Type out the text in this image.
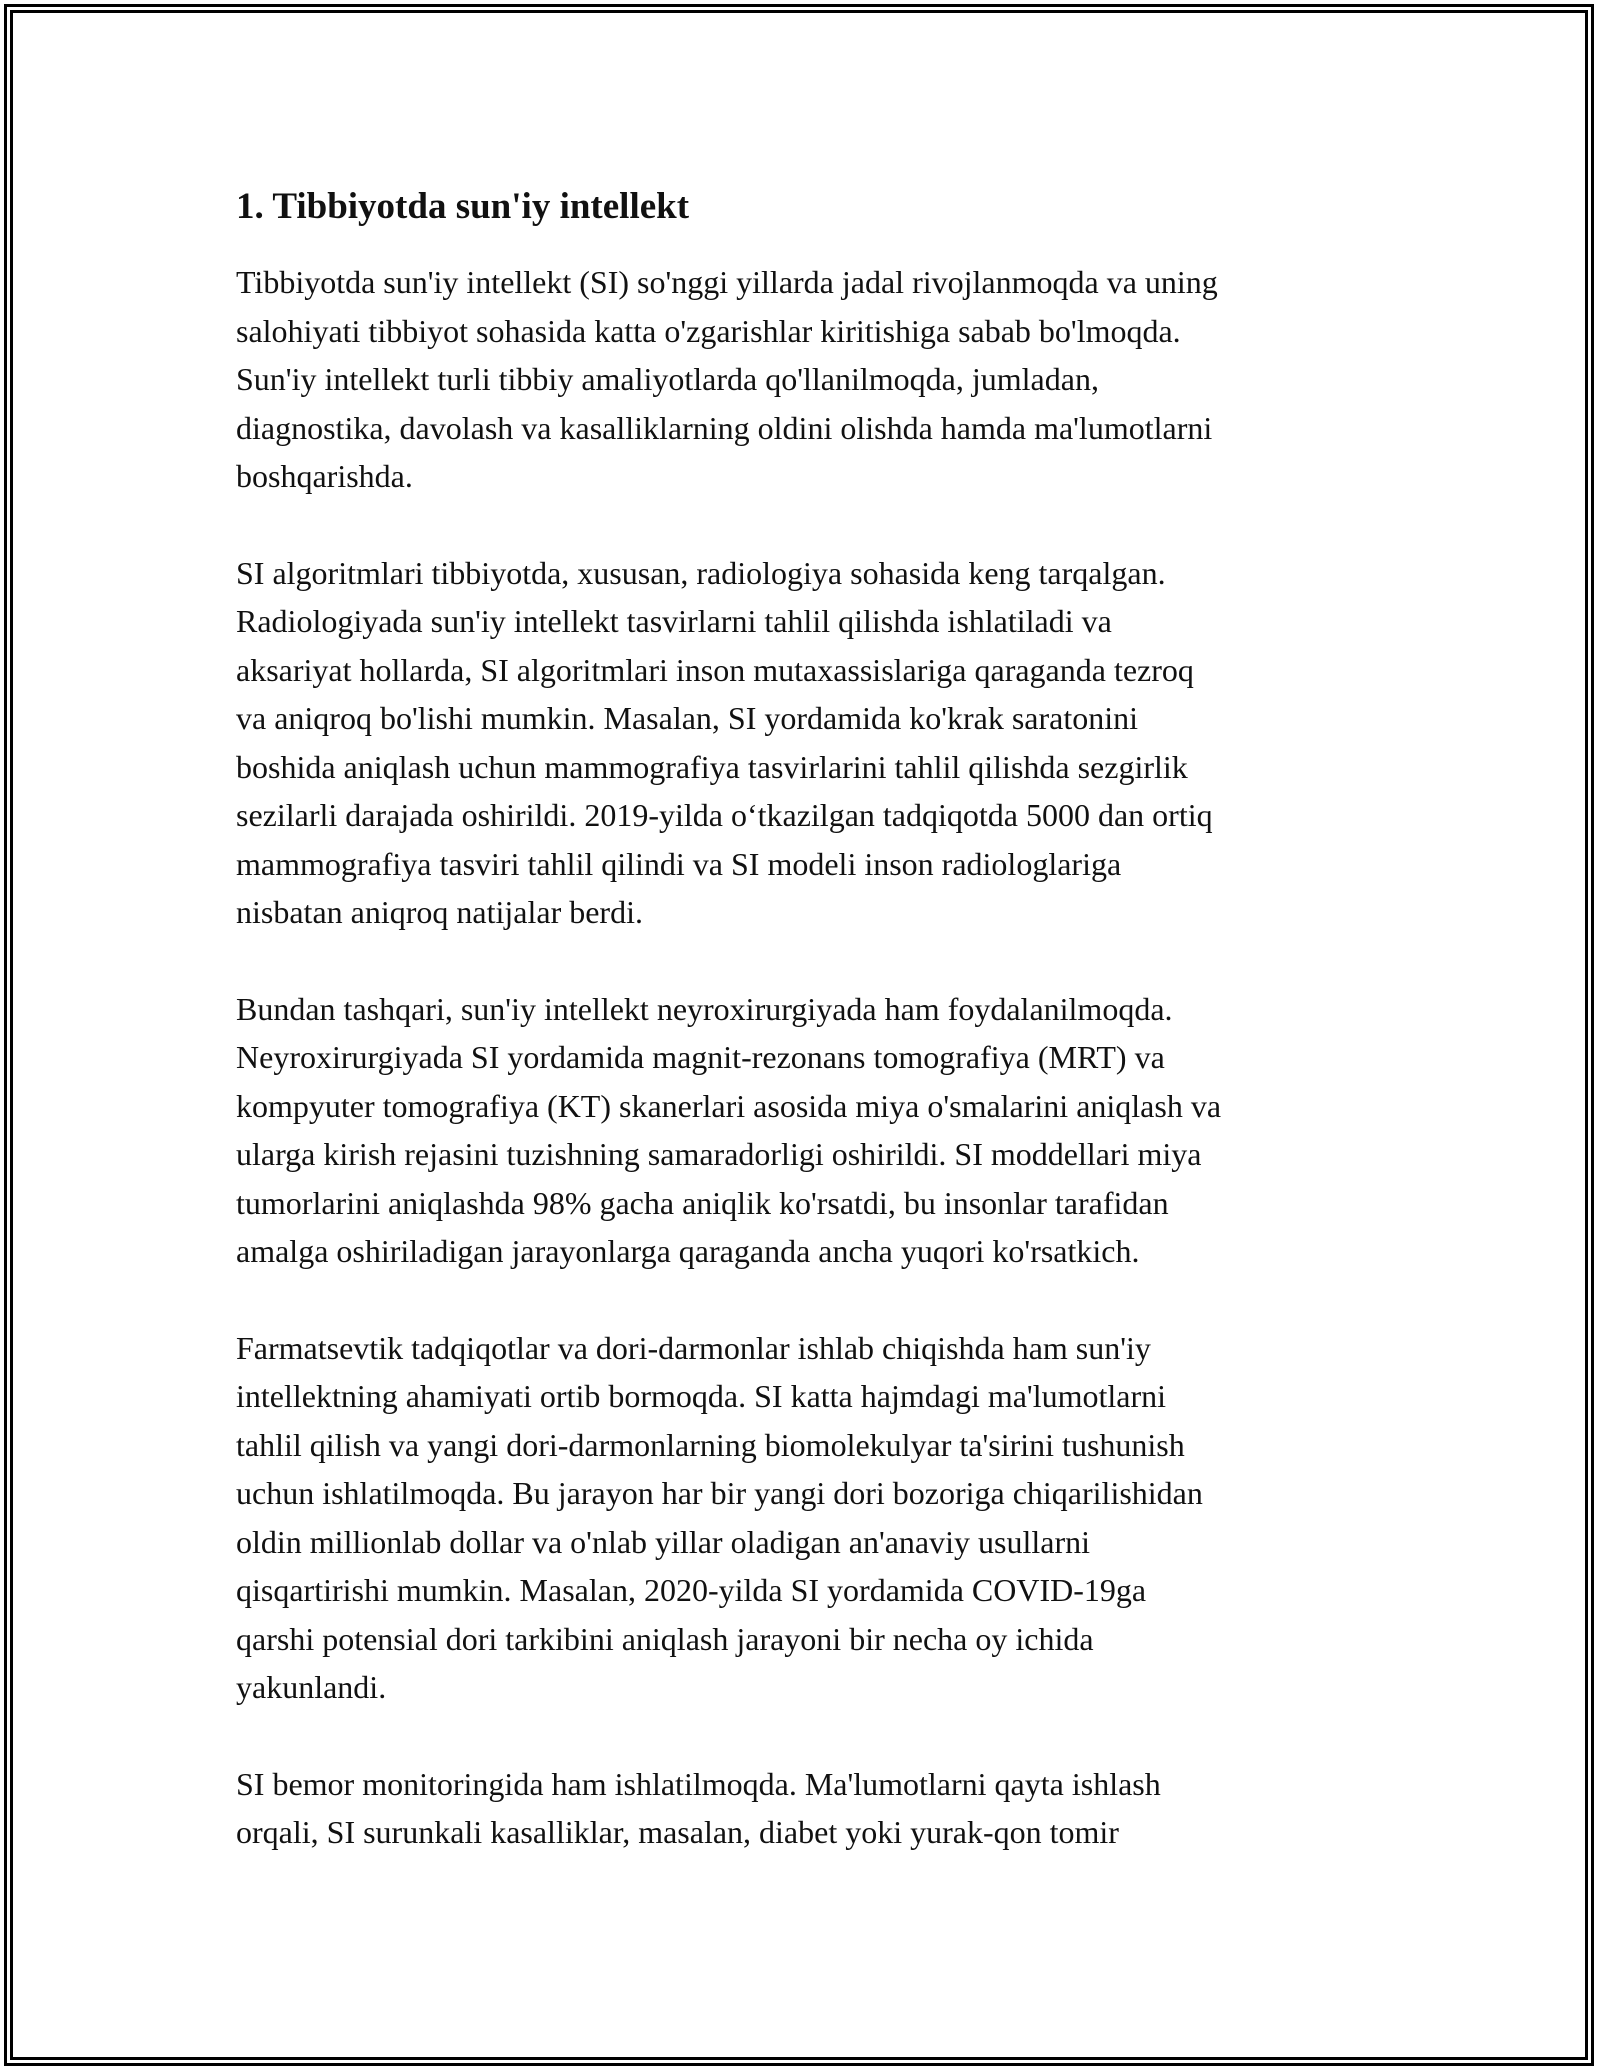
1. Tibbiyotda sun'iy intellekt
Tibbiyotda sun'iy intellekt (SI) so'nggi yillarda jadal rivojlanmoqda va uning
salohiyati tibbiyot sohasida katta o'zgarishlar kiritishiga sabab bo'lmoqda.
Sun'iy intellekt turli tibbiy amaliyotlarda qo'llanilmoqda, jumladan,
diagnostika, davolash va kasalliklarning oldini olishda hamda ma'lumotlarni
boshqarishda.
SI algoritmlari tibbiyotda, xususan, radiologiya sohasida keng tarqalgan.
Radiologiyada sun'iy intellekt tasvirlarni tahlil qilishda ishlatiladi va
aksariyat hollarda, SI algoritmlari inson mutaxassislariga qaraganda tezroq
va aniqroq bo'lishi mumkin. Masalan, SI yordamida ko'krak saratonini
boshida aniqlash uchun mammografiya tasvirlarini tahlil qilishda sezgirlik
sezilarli darajada oshirildi. 2019-yilda o‘tkazilgan tadqiqotda 5000 dan ortiq
mammografiya tasviri tahlil qilindi va SI modeli inson radiologlariga
nisbatan aniqroq natijalar berdi.
Bundan tashqari, sun'iy intellekt neyroxirurgiyada ham foydalanilmoqda.
Neyroxirurgiyada SI yordamida magnit-rezonans tomografiya (MRT) va
kompyuter tomografiya (KT) skanerlari asosida miya o'smalarini aniqlash va
ularga kirish rejasini tuzishning samaradorligi oshirildi. SI moddellari miya
tumorlarini aniqlashda 98% gacha aniqlik ko'rsatdi, bu insonlar tarafidan
amalga oshiriladigan jarayonlarga qaraganda ancha yuqori ko'rsatkich.
Farmatsevtik tadqiqotlar va dori-darmonlar ishlab chiqishda ham sun'iy
intellektning ahamiyati ortib bormoqda. SI katta hajmdagi ma'lumotlarni
tahlil qilish va yangi dori-darmonlarning biomolekulyar ta'sirini tushunish
uchun ishlatilmoqda. Bu jarayon har bir yangi dori bozoriga chiqarilishidan
oldin millionlab dollar va o'nlab yillar oladigan an'anaviy usullarni
qisqartirishi mumkin. Masalan, 2020-yilda SI yordamida COVID-19ga
qarshi potensial dori tarkibini aniqlash jarayoni bir necha oy ichida
yakunlandi.
SI bemor monitoringida ham ishlatilmoqda. Ma'lumotlarni qayta ishlash
orqali, SI surunkali kasalliklar, masalan, diabet yoki yurak-qon tomir
